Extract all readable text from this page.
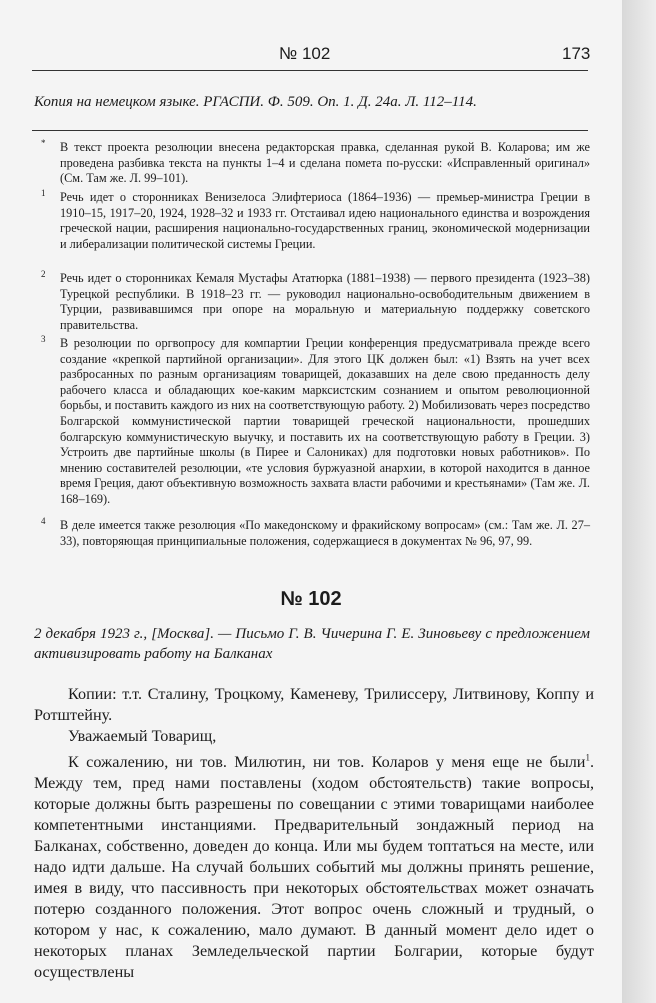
№ 102	173
Копия на немецком языке. РГАСПИ. Ф. 509. Оп. 1. Д. 24а. Л. 112–114.
* В текст проекта резолюции внесена редакторская правка, сделанная рукой В. Коларова; им же проведена разбивка текста на пункты 1–4 и сделана помета по-русски: «Исправленный оригинал» (См. Там же. Л. 99–101).
1 Речь идет о сторонниках Венизелоса Элифтериоса (1864–1936) — премьер-министра Греции в 1910–15, 1917–20, 1924, 1928–32 и 1933 гг. Отстаивал идею национального единства и возрождения греческой нации, расширения национально-государственных границ, экономической модернизации и либерализации политической системы Греции.
2 Речь идет о сторонниках Кемаля Мустафы Ататюрка (1881–1938) — первого президента (1923–38) Турецкой республики. В 1918–23 гг. — руководил национально-освободительным движением в Турции, развивавшимся при опоре на моральную и материальную поддержку советского правительства.
3 В резолюции по оргвопросу для компартии Греции конференция предусматривала прежде всего создание «крепкой партийной организации». Для этого ЦК должен был: «1) Взять на учет всех разбросанных по разным организациям товарищей, доказавших на деле свою преданность делу рабочего класса и обладающих кое-каким марксистским сознанием и опытом революционной борьбы, и поставить каждого из них на соответствующую работу. 2) Мобилизовать через посредство Болгарской коммунистической партии товарищей греческой национальности, прошедших болгарскую коммунистическую выучку, и поставить их на соответствующую работу в Греции. 3) Устроить две партийные школы (в Пирее и Салониках) для подготовки новых работников». По мнению составителей резолюции, «те условия буржуазной анархии, в которой находится в данное время Греция, дают объективную возможность захвата власти рабочими и крестьянами» (Там же. Л. 168–169).
4 В деле имеется также резолюция «По македонскому и фракийскому вопросам» (см.: Там же. Л. 27–33), повторяющая принципиальные положения, содержащиеся в документах № 96, 97, 99.
№ 102
2 декабря 1923 г., [Москва]. — Письмо Г. В. Чичерина Г. Е. Зиновьеву с предложением активизировать работу на Балканах
Копии: т.т. Сталину, Троцкому, Каменеву, Трилиссеру, Литвинову, Коппу и Ротштейну.
Уважаемый Товарищ,
К сожалению, ни тов. Милютин, ни тов. Коларов у меня еще не были$^1$. Между тем, пред нами поставлены (ходом обстоятельств) такие вопросы, которые должны быть разрешены по совещании с этими товарищами наиболее компетентными инстанциями. Предварительный зондажный период на Балканах, собственно, доведен до конца. Или мы будем топтаться на месте, или надо идти дальше. На случай больших событий мы должны принять решение, имея в виду, что пассивность при некоторых обстоятельствах может означать потерю созданного положения. Этот вопрос очень сложный и трудный, о котором у нас, к сожалению, мало думают. В данный момент дело идет о некоторых планах Земледельческой партии Болгарии, которые будут осуществлены
